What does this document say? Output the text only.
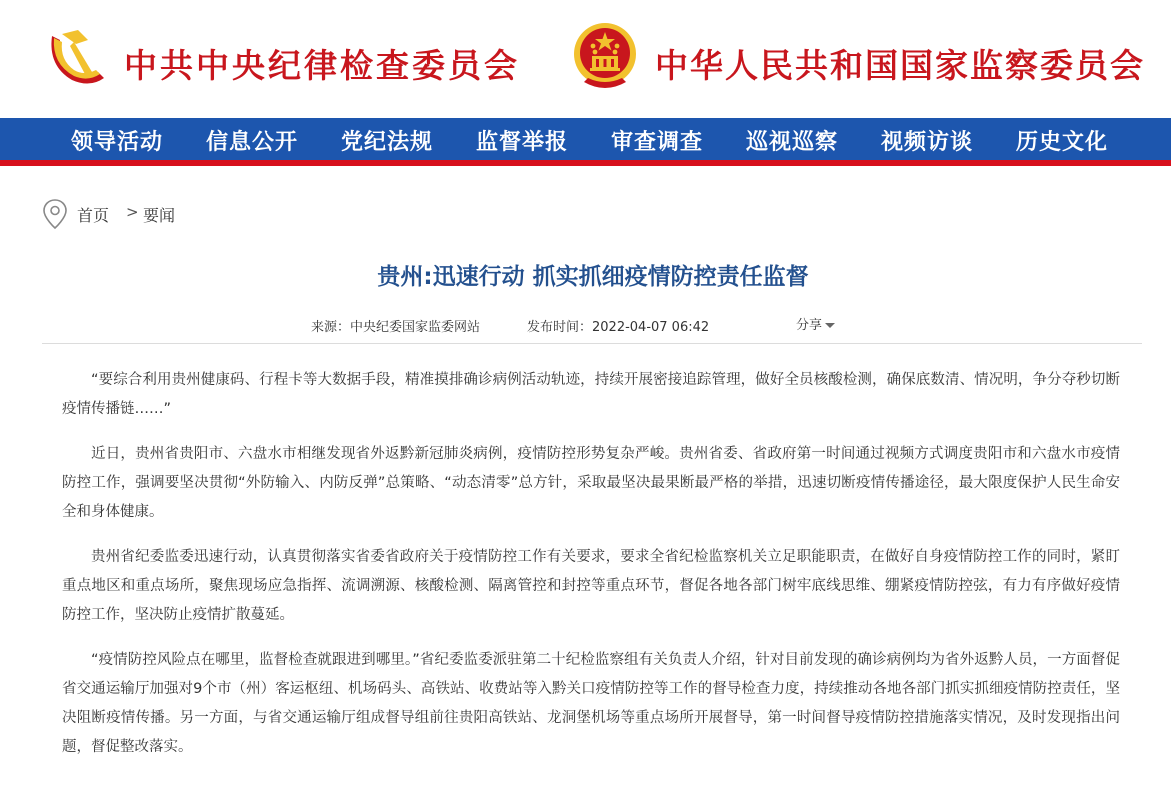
中共中央纪律检查委员会	中华人民共和国国家监察委员会
领导活动 信息公开 党纪法规 监督举报 审查调查 巡视巡察 视频访谈 历史文化
首页 > 要闻
贵州:迅速行动 抓实抓细疫情防控责任监督
来源：中央纪委国家监委网站	发布时间：2022-04-07 06:42	分享

“要综合利用贵州健康码、行程卡等大数据手段，精准摸排确诊病例活动轨迹，持续开展密接追踪管理，做好全员核酸检测，确保底数清、情况明，争分夺秒切断疫情传播链……”

近日，贵州省贵阳市、六盘水市相继发现省外返黔新冠肺炎病例，疫情防控形势复杂严峻。贵州省委、省政府第一时间通过视频方式调度贵阳市和六盘水市疫情防控工作，强调要坚决贯彻“外防输入、内防反弹”总策略、“动态清零”总方针，采取最坚决最果断最严格的举措，迅速切断疫情传播途径，最大限度保护人民生命安全和身体健康。

贵州省纪委监委迅速行动，认真贯彻落实省委省政府关于疫情防控工作有关要求，要求全省纪检监察机关立足职能职责，在做好自身疫情防控工作的同时，紧盯重点地区和重点场所，聚焦现场应急指挥、流调溯源、核酸检测、隔离管控和封控等重点环节，督促各地各部门树牢底线思维、绷紧疫情防控弦，有力有序做好疫情防控工作，坚决防止疫情扩散蔓延。

“疫情防控风险点在哪里，监督检查就跟进到哪里。”省纪委监委派驻第二十纪检监察组有关负责人介绍，针对目前发现的确诊病例均为省外返黔人员，一方面督促省交通运输厅加强对9个市（州）客运枢纽、机场码头、高铁站、收费站等入黔关口疫情防控等工作的督导检查力度，持续推动各地各部门抓实抓细疫情防控责任，坚决阻断疫情传播。另一方面，与省交通运输厅组成督导组前往贵阳高铁站、龙洞堡机场等重点场所开展督导，第一时间督导疫情防控措施落实情况，及时发现指出问题，督促整改落实。
